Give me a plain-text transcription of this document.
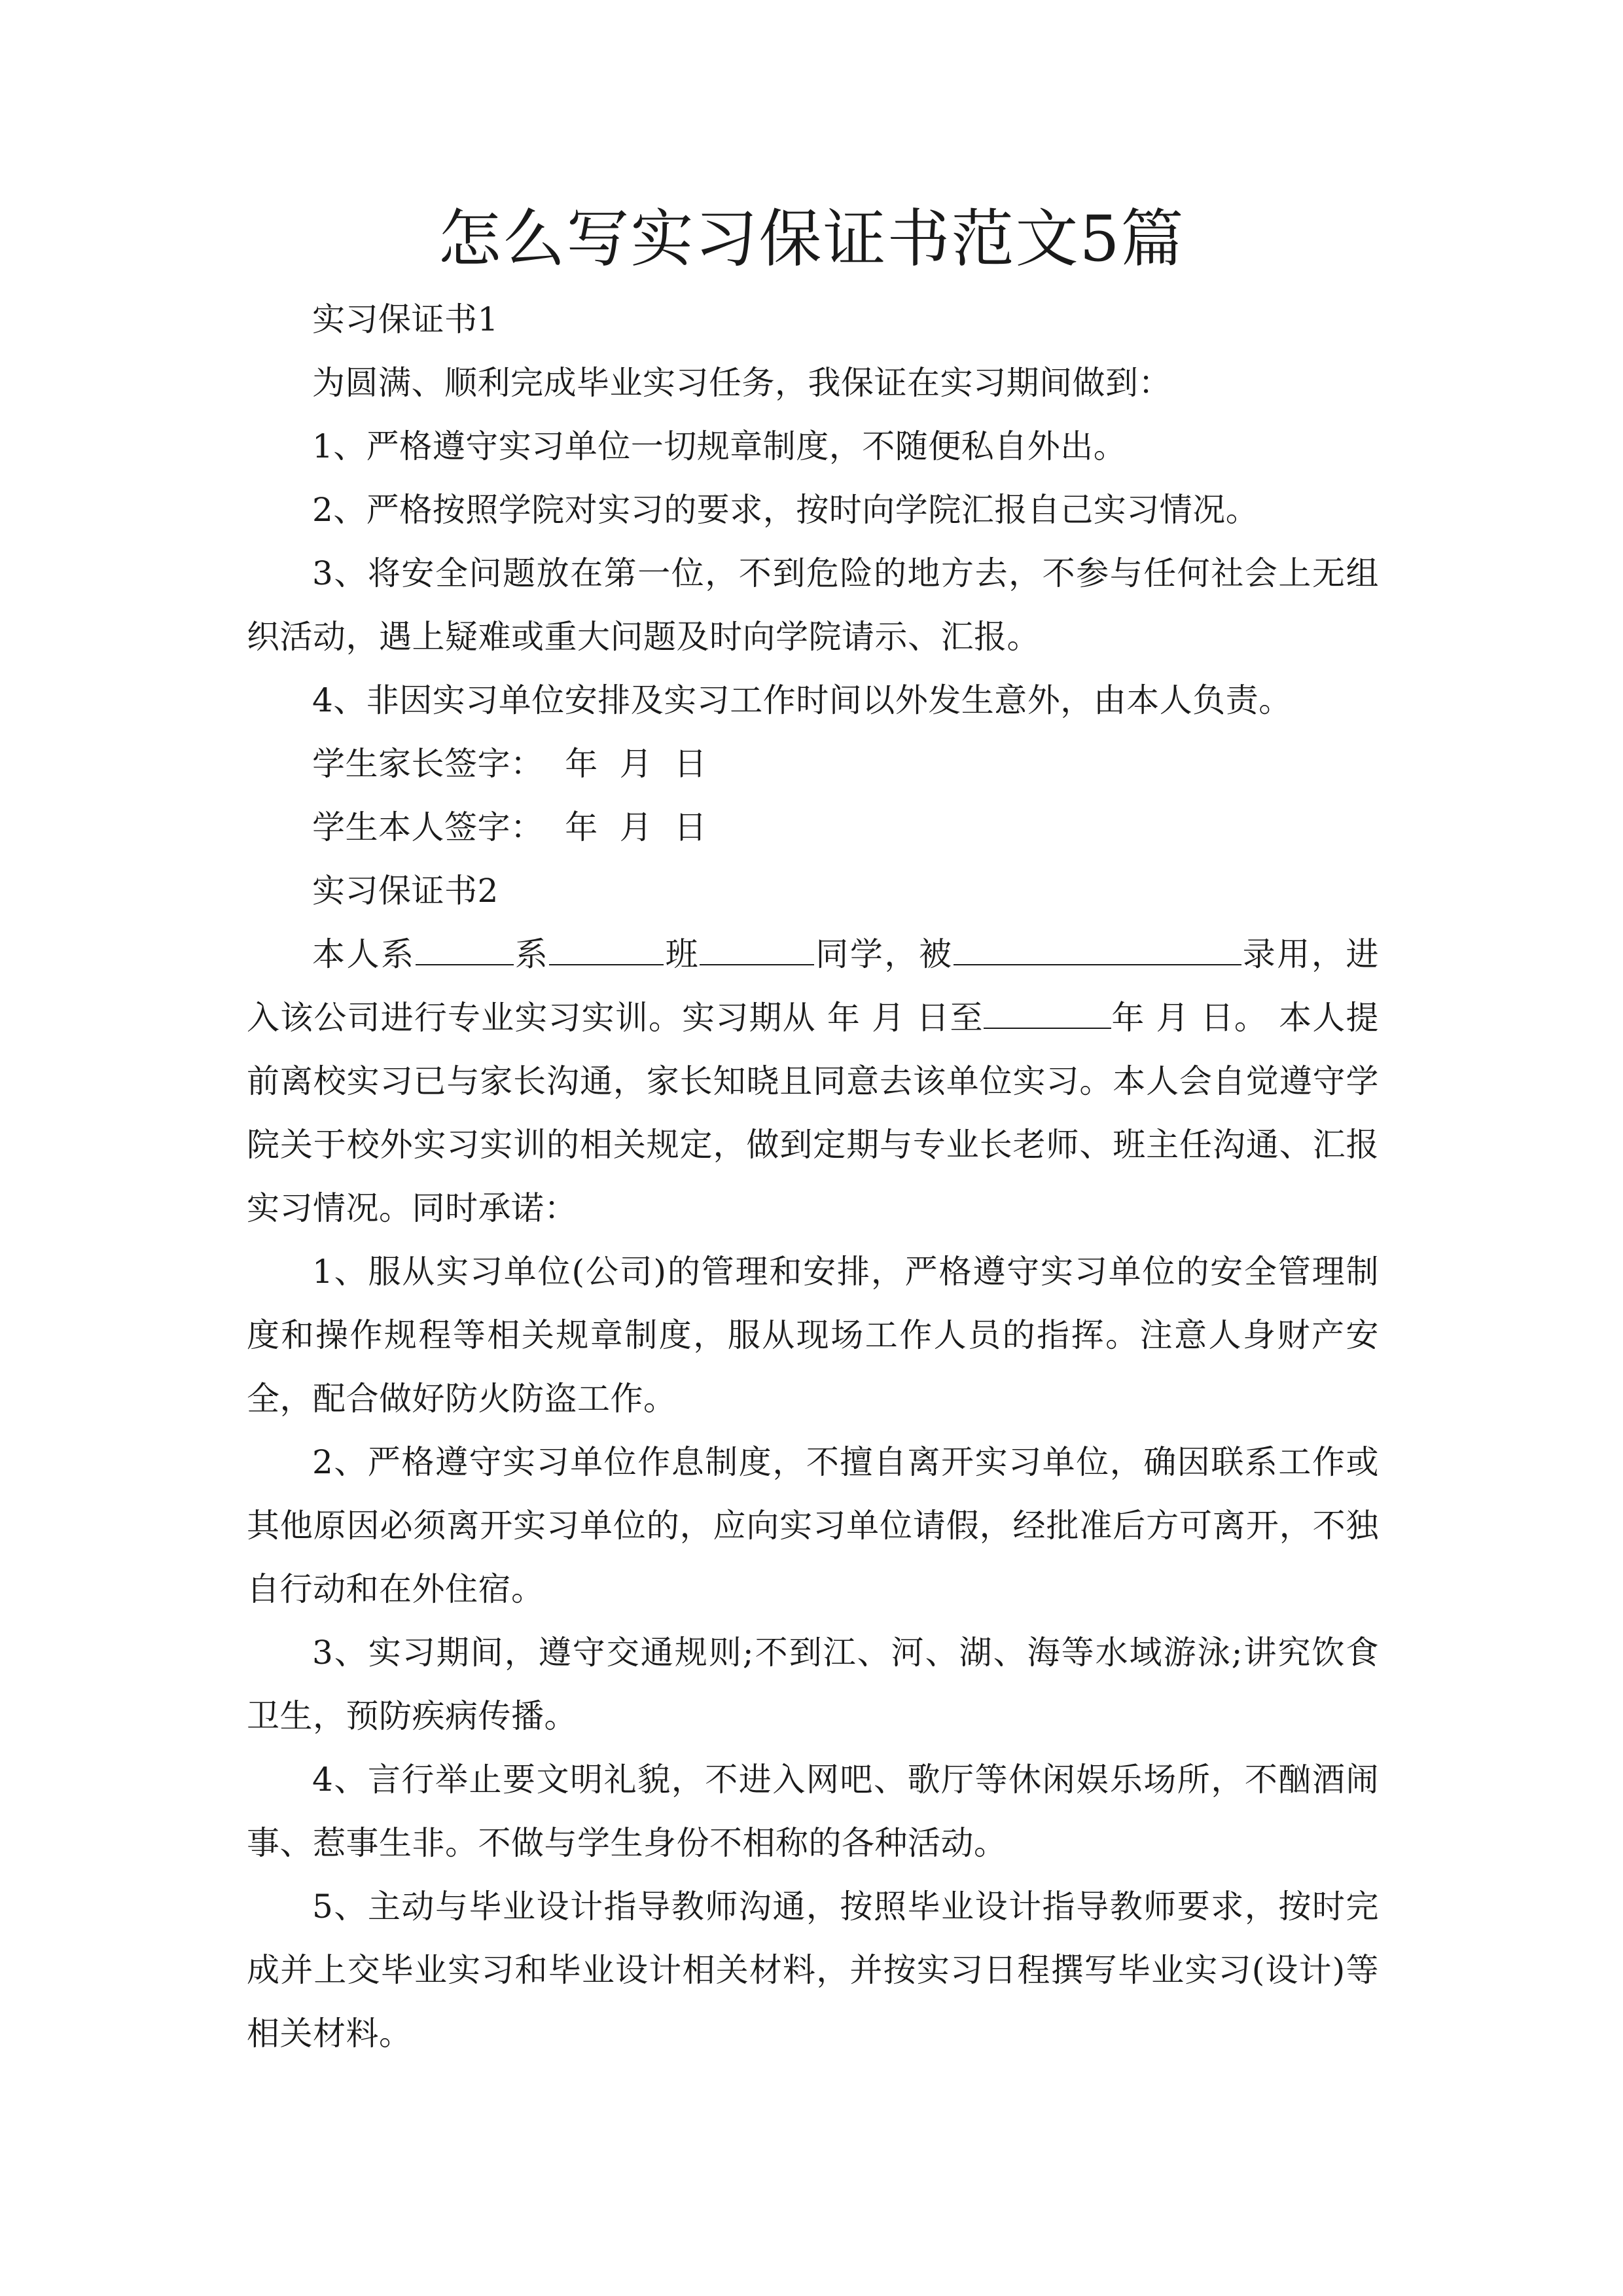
怎么写实习保证书范文5篇

实习保证书1

为圆满、顺利完成毕业实习任务，我保证在实习期间做到：

1、严格遵守实习单位一切规章制度，不随便私自外出。

2、严格按照学院对实习的要求，按时向学院汇报自己实习情况。

3、将安全问题放在第一位，不到危险的地方去，不参与任何社会上无组织活动，遇上疑难或重大问题及时向学院请示、汇报。

4、非因实习单位安排及实习工作时间以外发生意外，由本人负责。

学生家长签字：  年  月  日

学生本人签字：  年  月  日

实习保证书2

本人系	系	班	同学，被	录用，进入该公司进行专业实习实训。实习期从 年 月 日至	年 月 日。 本人提前离校实习已与家长沟通，家长知晓且同意去该单位实习。本人会自觉遵守学院关于校外实习实训的相关规定，做到定期与专业长老师、班主任沟通、汇报实习情况。同时承诺：

1、服从实习单位(公司)的管理和安排，严格遵守实习单位的安全管理制度和操作规程等相关规章制度，服从现场工作人员的指挥。注意人身财产安全，配合做好防火防盗工作。

2、严格遵守实习单位作息制度，不擅自离开实习单位，确因联系工作或其他原因必须离开实习单位的，应向实习单位请假，经批准后方可离开，不独自行动和在外住宿。

3、实习期间，遵守交通规则;不到江、河、湖、海等水域游泳;讲究饮食卫生，预防疾病传播。

4、言行举止要文明礼貌，不进入网吧、歌厅等休闲娱乐场所，不酗酒闹事、惹事生非。不做与学生身份不相称的各种活动。

5、主动与毕业设计指导教师沟通，按照毕业设计指导教师要求，按时完成并上交毕业实习和毕业设计相关材料，并按实习日程撰写毕业实习(设计)等相关材料。
